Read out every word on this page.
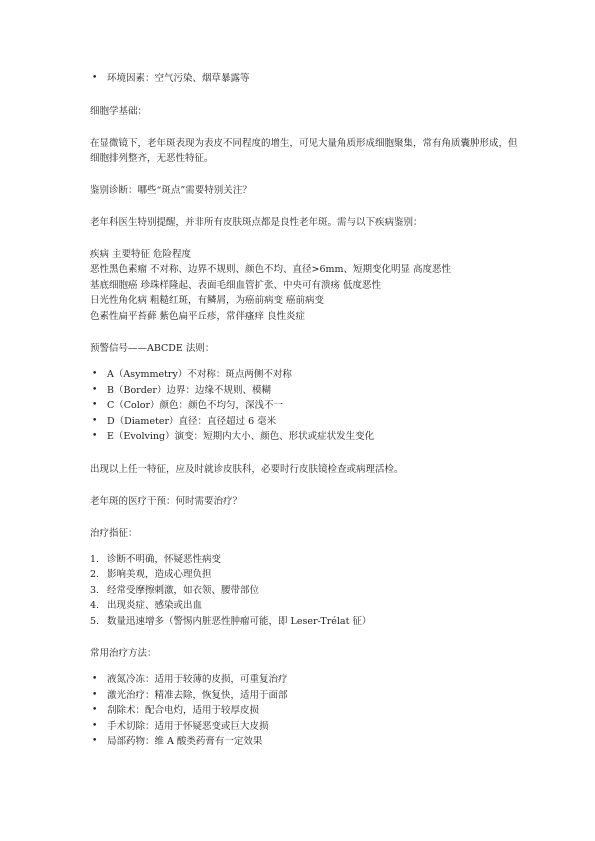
• 环境因素：空气污染、烟草暴露等

细胞学基础：

在显微镜下，老年斑表现为表皮不同程度的增生，可见大量角质形成细胞聚集，常有角质囊肿形成，但细胞排列整齐，无恶性特征。

鉴别诊断：哪些“斑点”需要特别关注？

老年科医生特别提醒，并非所有皮肤斑点都是良性老年斑。需与以下疾病鉴别：

疾病 主要特征 危险程度
恶性黑色素瘤 不对称、边界不规则、颜色不均、直径>6mm、短期变化明显 高度恶性
基底细胞癌 珍珠样隆起、表面毛细血管扩张、中央可有溃疡 低度恶性
日光性角化病 粗糙红斑，有鳞屑，为癌前病变 癌前病变
色素性扁平苔藓 紫色扁平丘疹，常伴瘙痒 良性炎症

预警信号——ABCDE 法则：

• A（Asymmetry）不对称：斑点两侧不对称
• B（Border）边界：边缘不规则、模糊
• C（Color）颜色：颜色不均匀，深浅不一
• D（Diameter）直径：直径超过 6 毫米
• E（Evolving）演变：短期内大小、颜色、形状或症状发生变化

出现以上任一特征，应及时就诊皮肤科，必要时行皮肤镜检查或病理活检。

老年斑的医疗干预：何时需要治疗？

治疗指征：

1. 诊断不明确，怀疑恶性病变
2. 影响美观，造成心理负担
3. 经常受摩擦刺激，如衣领、腰带部位
4. 出现炎症、感染或出血
5. 数量迅速增多（警惕内脏恶性肿瘤可能，即 Leser-Trélat 征）

常用治疗方法：

• 液氮冷冻：适用于较薄的皮损，可重复治疗
• 激光治疗：精准去除，恢复快，适用于面部
• 刮除术：配合电灼，适用于较厚皮损
• 手术切除：适用于怀疑恶变或巨大皮损
• 局部药物：维 A 酸类药膏有一定效果
